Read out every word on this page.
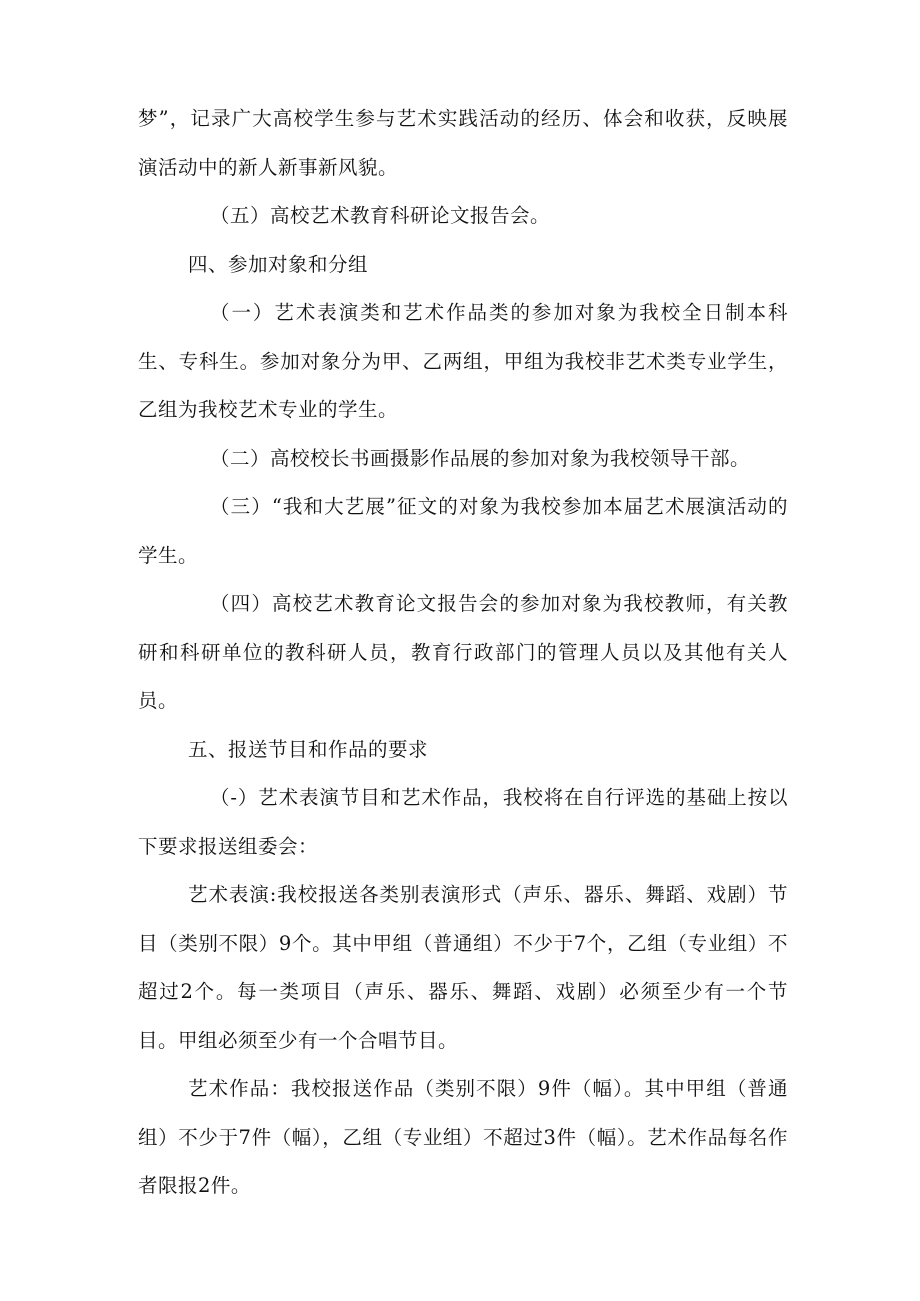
梦”，记录广大高校学生参与艺术实践活动的经历、体会和收获，反映展演活动中的新人新事新风貌。

（五）高校艺术教育科研论文报告会。

四、参加对象和分组

（一）艺术表演类和艺术作品类的参加对象为我校全日制本科生、专科生。参加对象分为甲、乙两组，甲组为我校非艺术类专业学生，乙组为我校艺术专业的学生。

（二）高校校长书画摄影作品展的参加对象为我校领导干部。

（三）“我和大艺展”征文的对象为我校参加本届艺术展演活动的学生。

（四）高校艺术教育论文报告会的参加对象为我校教师，有关教研和科研单位的教科研人员，教育行政部门的管理人员以及其他有关人员。

五、报送节目和作品的要求

（-）艺术表演节目和艺术作品，我校将在自行评选的基础上按以下要求报送组委会：

艺术表演:我校报送各类别表演形式（声乐、器乐、舞蹈、戏剧）节目（类别不限）9个。其中甲组（普通组）不少于7个，乙组（专业组）不超过2个。每一类项目（声乐、器乐、舞蹈、戏剧）必须至少有一个节目。甲组必须至少有一个合唱节目。

艺术作品：我校报送作品（类别不限）9件（幅）。其中甲组（普通组）不少于7件（幅），乙组（专业组）不超过3件（幅）。艺术作品每名作者限报2件。
